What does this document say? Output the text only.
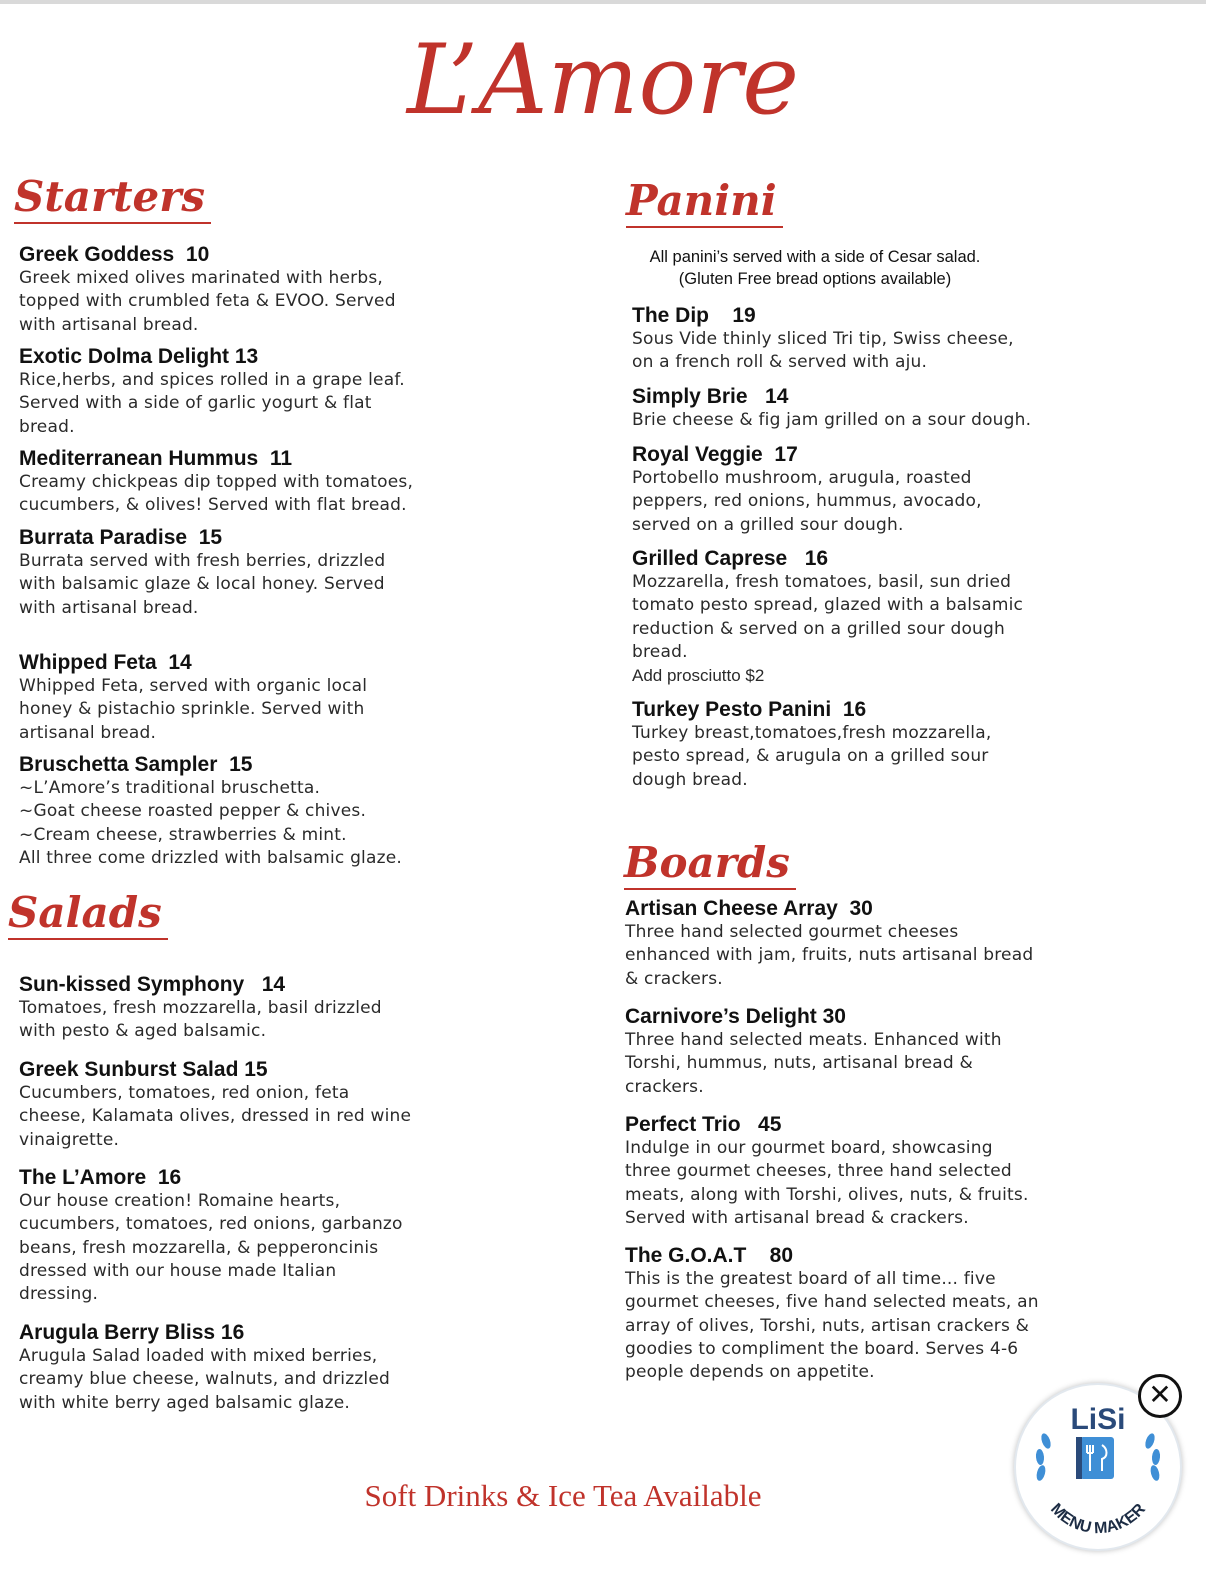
L’Amore
Starters
Greek Goddess  10
Greek mixed olives marinated with herbs,
topped with crumbled feta & EVOO. Served
with artisanal bread.
Exotic Dolma Delight 13
Rice,herbs, and spices rolled in a grape leaf.
Served with a side of garlic yogurt & flat
bread.
Mediterranean Hummus  11
Creamy chickpeas dip topped with tomatoes,
cucumbers, & olives! Served with flat bread.
Burrata Paradise  15
Burrata served with fresh berries, drizzled
with balsamic glaze & local honey. Served
with artisanal bread.
Whipped Feta  14
Whipped Feta, served with organic local
honey & pistachio sprinkle. Served with
artisanal bread.
Bruschetta Sampler  15
~L’Amore’s traditional bruschetta.
~Goat cheese roasted pepper & chives.
~Cream cheese, strawberries & mint.
All three come drizzled with balsamic glaze.
Salads
Sun-kissed Symphony   14
Tomatoes, fresh mozzarella, basil drizzled
with pesto & aged balsamic.
Greek Sunburst Salad 15
Cucumbers, tomatoes, red onion, feta
cheese, Kalamata olives, dressed in red wine
vinaigrette.
The L’Amore  16
Our house creation! Romaine hearts,
cucumbers, tomatoes, red onions, garbanzo
beans, fresh mozzarella, & pepperoncinis
dressed with our house made Italian
dressing.
Arugula Berry Bliss 16
Arugula Salad loaded with mixed berries,
creamy blue cheese, walnuts, and drizzled
with white berry aged balsamic glaze.
Panini
All panini’s served with a side of Cesar salad.
(Gluten Free bread options available)
The Dip    19
Sous Vide thinly sliced Tri tip, Swiss cheese,
on a french roll & served with aju.
Simply Brie   14
Brie cheese & fig jam grilled on a sour dough.
Royal Veggie  17
Portobello mushroom, arugula, roasted
peppers, red onions, hummus, avocado,
served on a grilled sour dough.
Grilled Caprese   16
Mozzarella, fresh tomatoes, basil, sun dried
tomato pesto spread, glazed with a balsamic
reduction & served on a grilled sour dough
bread.
Add prosciutto $2
Turkey Pesto Panini  16
Turkey breast,tomatoes,fresh mozzarella,
pesto spread, & arugula on a grilled sour
dough bread.
Boards
Artisan Cheese Array  30
Three hand selected gourmet cheeses
enhanced with jam, fruits, nuts artisanal bread
& crackers.
Carnivore’s Delight 30
Three hand selected meats. Enhanced with
Torshi, hummus, nuts, artisanal bread &
crackers.
Perfect Trio   45
Indulge in our gourmet board, showcasing
three gourmet cheeses, three hand selected
meats, along with Torshi, olives, nuts, & fruits.
Served with artisanal bread & crackers.
The G.O.A.T    80
This is the greatest board of all time... five
gourmet cheeses, five hand selected meats, an
array of olives, Torshi, nuts, artisan crackers &
goodies to compliment the board. Serves 4-6
people depends on appetite.
Soft Drinks & Ice Tea Available
LiSi
MENU MAKER
✕
